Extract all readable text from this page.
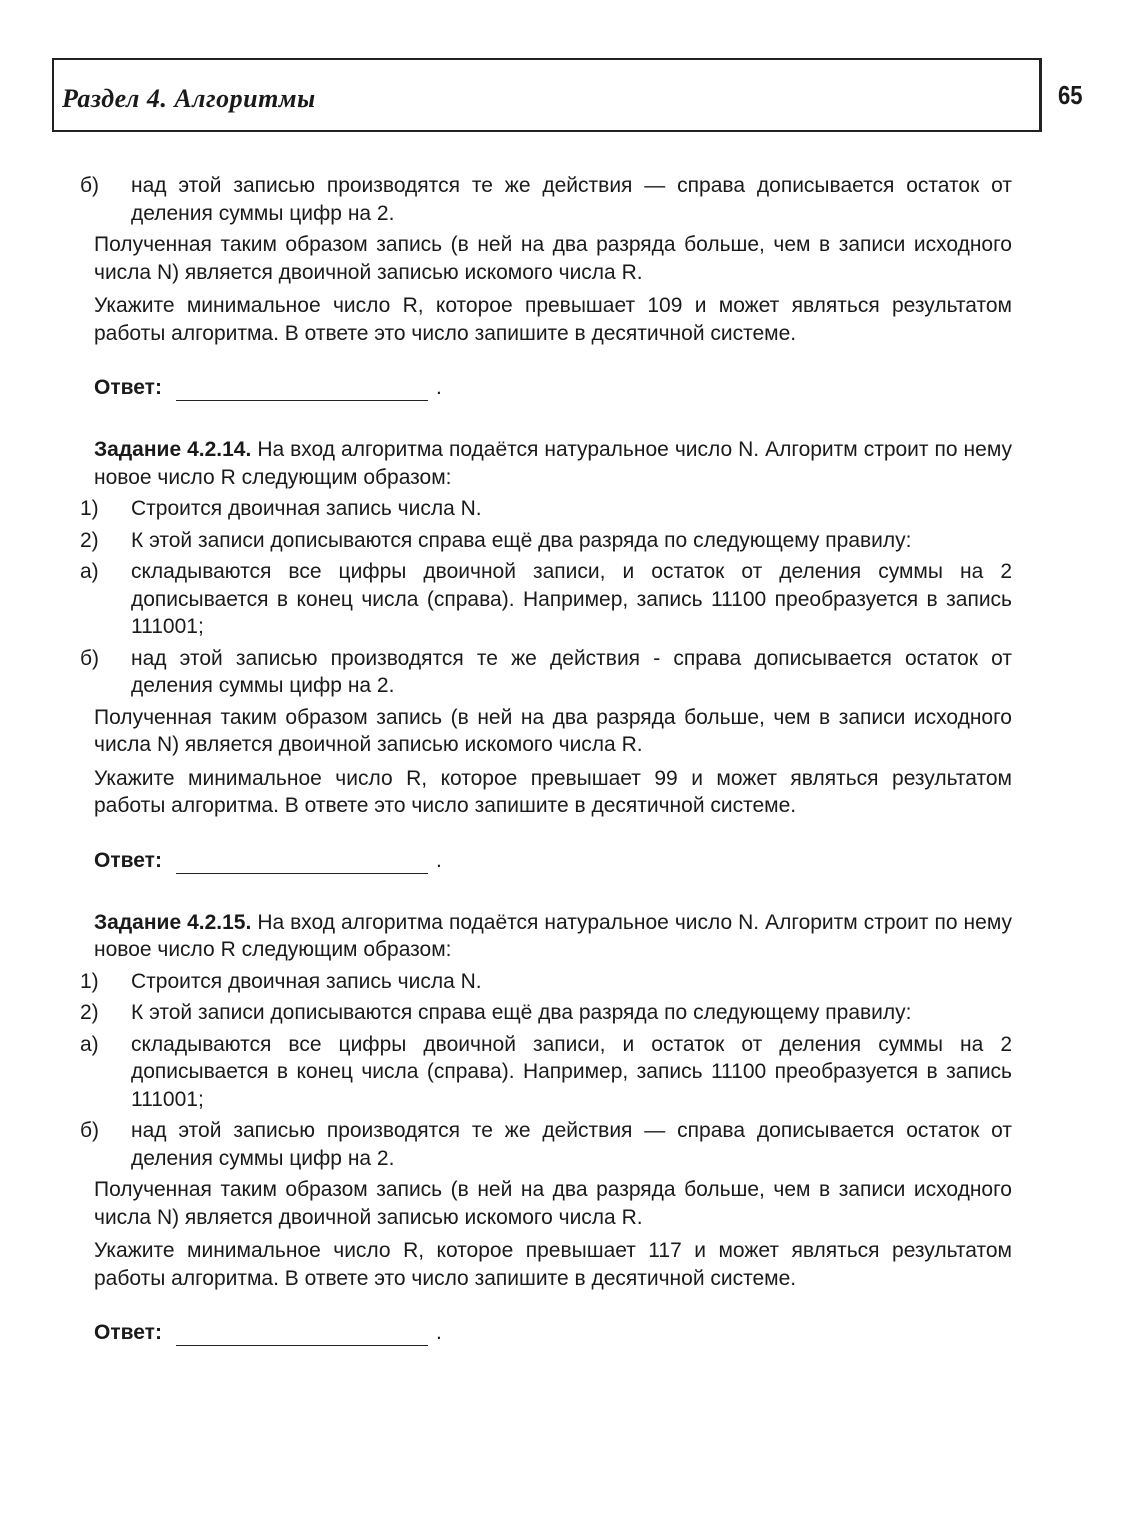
Раздел 4. Алгоритмы	65
б) над этой записью производятся те же действия — справа дописывается остаток от деления суммы цифр на 2.

Полученная таким образом запись (в ней на два разряда больше, чем в записи исходного числа N) является двоичной записью искомого числа R.

Укажите минимальное число R, которое превышает 109 и может являться результатом работы алгоритма. В ответе это число запишите в десятичной системе.

Ответ:	.

Задание 4.2.14. На вход алгоритма подаётся натуральное число N. Алгоритм строит по нему новое число R следующим образом:

1) Строится двоичная запись числа N.
2) К этой записи дописываются справа ещё два разряда по следующему правилу:
а) складываются все цифры двоичной записи, и остаток от деления суммы на 2 дописывается в конец числа (справа). Например, запись 11100 преобразуется в запись 111001;
б) над этой записью производятся те же действия - справа дописывается остаток от деления суммы цифр на 2.

Полученная таким образом запись (в ней на два разряда больше, чем в записи исходного числа N) является двоичной записью искомого числа R.

Укажите минимальное число R, которое превышает 99 и может являться результатом работы алгоритма. В ответе это число запишите в десятичной системе.

Ответ:	.

Задание 4.2.15. На вход алгоритма подаётся натуральное число N. Алгоритм строит по нему новое число R следующим образом:

1) Строится двоичная запись числа N.
2) К этой записи дописываются справа ещё два разряда по следующему правилу:
а) складываются все цифры двоичной записи, и остаток от деления суммы на 2 дописывается в конец числа (справа). Например, запись 11100 преобразуется в запись 111001;
б) над этой записью производятся те же действия — справа дописывается остаток от деления суммы цифр на 2.

Полученная таким образом запись (в ней на два разряда больше, чем в записи исходного числа N) является двоичной записью искомого числа R.

Укажите минимальное число R, которое превышает 117 и может являться результатом работы алгоритма. В ответе это число запишите в десятичной системе.

Ответ:	.
